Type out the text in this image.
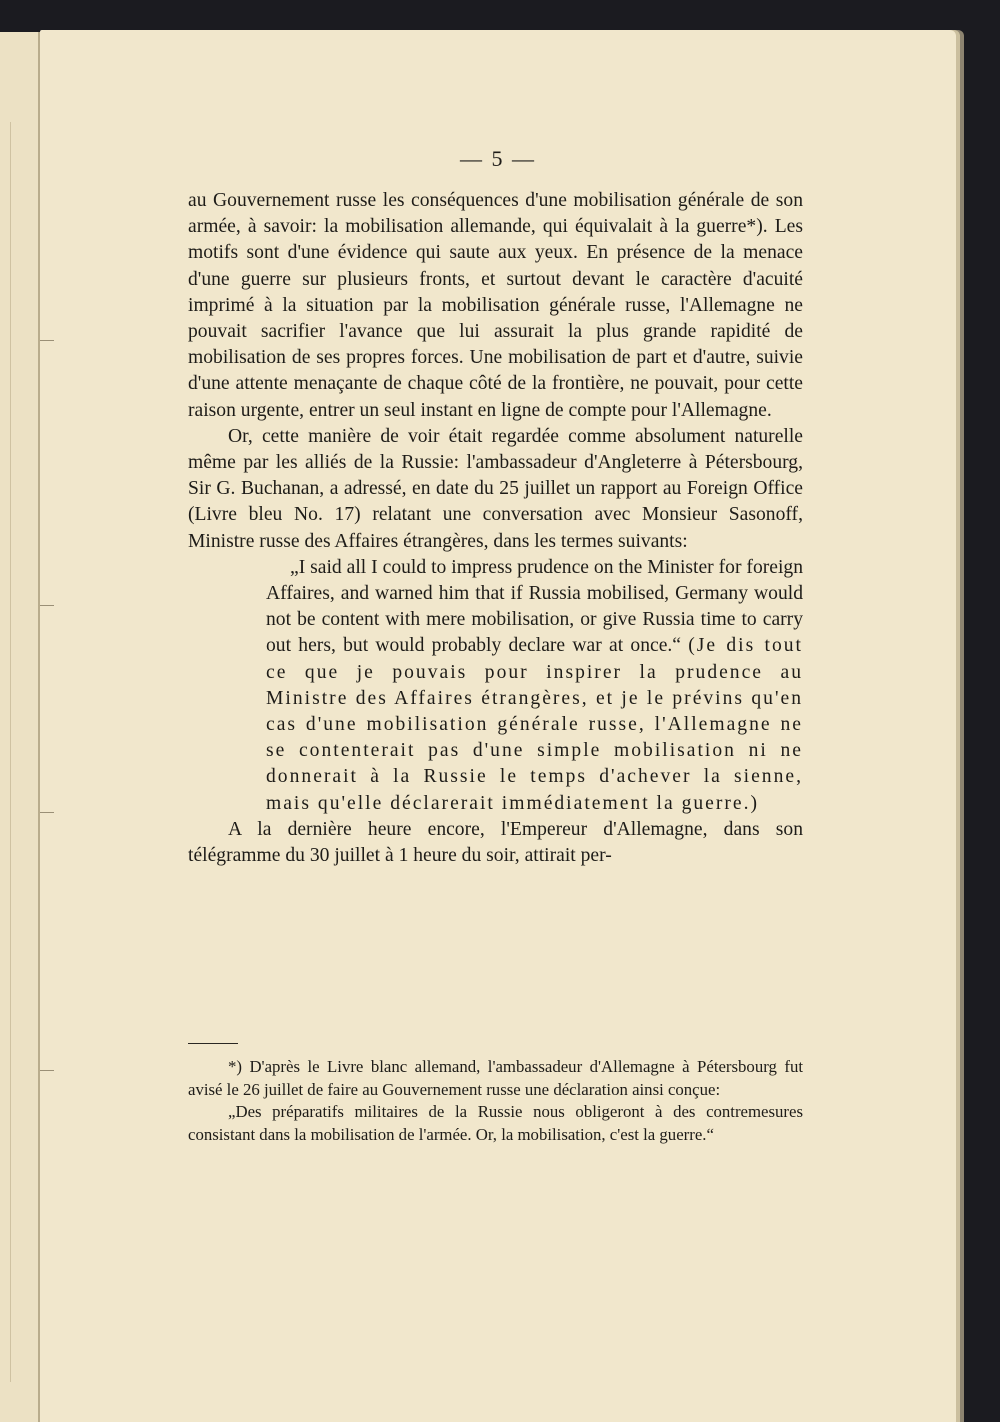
— 5 —

au Gouvernement russe les conséquences d'une mobilisation générale de son armée, à savoir: la mobilisation allemande, qui équivalait à la guerre*). Les motifs sont d'une évidence qui saute aux yeux. En présence de la menace d'une guerre sur plusieurs fronts, et surtout devant le caractère d'acuité imprimé à la situation par la mobilisation générale russe, l'Allemagne ne pouvait sacrifier l'avance que lui assurait la plus grande rapidité de mobilisation de ses propres forces. Une mobilisation de part et d'autre, suivie d'une attente menaçante de chaque côté de la frontière, ne pouvait, pour cette raison urgente, entrer un seul instant en ligne de compte pour l'Allemagne.

Or, cette manière de voir était regardée comme absolument naturelle même par les alliés de la Russie: l'ambassadeur d'Angleterre à Pétersbourg, Sir G. Buchanan, a adressé, en date du 25 juillet un rapport au Foreign Office (Livre bleu No. 17) relatant une conversation avec Monsieur Sasonoff, Ministre russe des Affaires étrangères, dans les termes suivants:

„I said all I could to impress prudence on the Minister for foreign Affaires, and warned him that if Russia mobilised, Germany would not be content with mere mobilisation, or give Russia time to carry out hers, but would probably declare war at once.“ (Je dis tout ce que je pouvais pour inspirer la prudence au Ministre des Affaires étrangères, et je le prévins qu'en cas d'une mobilisation générale russe, l'Allemagne ne se contenterait pas d'une simple mobilisation ni ne donnerait à la Russie le temps d'achever la sienne, mais qu'elle déclarerait immédiatement la guerre.)

A la dernière heure encore, l'Empereur d'Allemagne, dans son télégramme du 30 juillet à 1 heure du soir, attirait per-

*) D'après le Livre blanc allemand, l'ambassadeur d'Allemagne à Pétersbourg fut avisé le 26 juillet de faire au Gouvernement russe une déclaration ainsi conçue:

„Des préparatifs militaires de la Russie nous obligeront à des contremesures consistant dans la mobilisation de l'armée. Or, la mobilisation, c'est la guerre.“
